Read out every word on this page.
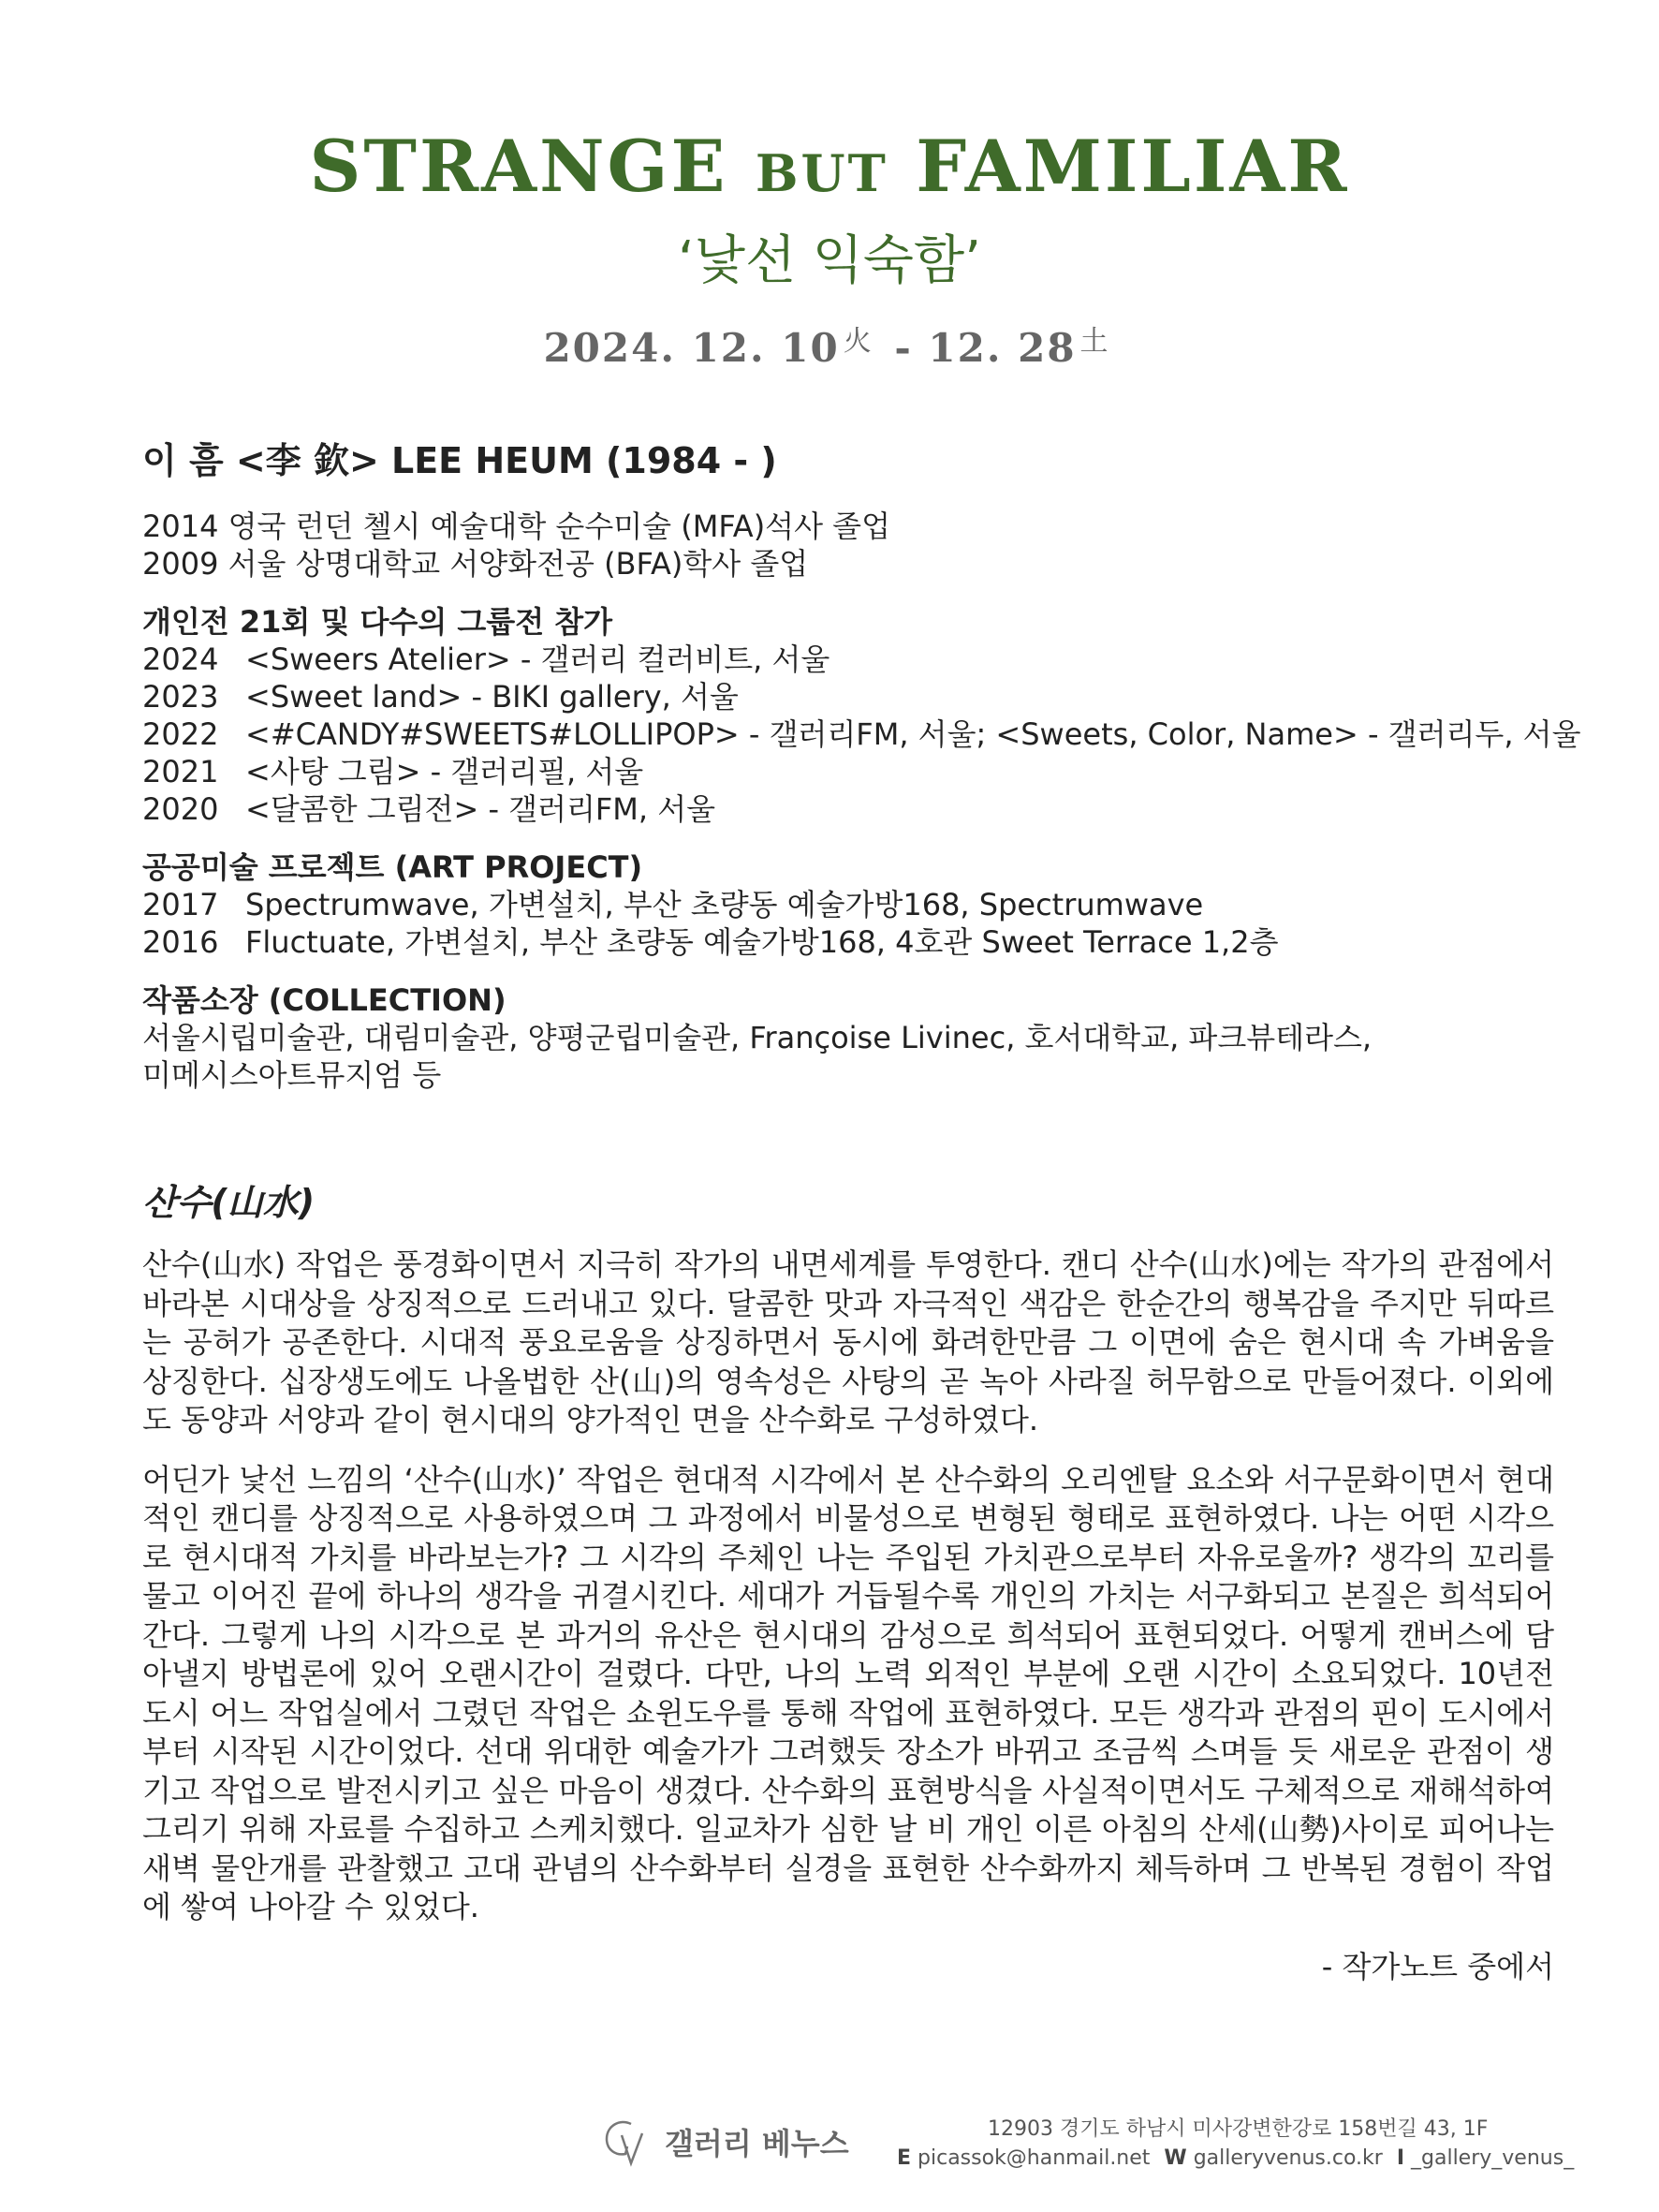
STRANGE BUT FAMILIAR
‘낯선 익숙함’
2024. 12. 10 $^火$ - 12. 28 $^土$
이 흠 <李 欽> LEE HEUM (1984 - )
2014 영국 런던 첼시 예술대학 순수미술 (MFA)석사 졸업
2009 서울 상명대학교 서양화전공 (BFA)학사 졸업
개인전 21회 및 다수의 그룹전 참가
2024 <Sweers Atelier> - 갤러리 컬러비트, 서울
2023 <Sweet land> - BIKI gallery, 서울
2022 <#CANDY#SWEETS#LOLLIPOP> - 갤러리FM, 서울; <Sweets, Color, Name> - 갤러리두, 서울
2021 <사탕 그림> - 갤러리필, 서울
2020 <달콤한 그림전> - 갤러리FM, 서울
공공미술 프로젝트 (ART PROJECT)
2017 Spectrumwave, 가변설치, 부산 초량동 예술가방168, Spectrumwave
2016 Fluctuate, 가변설치, 부산 초량동 예술가방168, 4호관 Sweet Terrace 1,2층
작품소장 (COLLECTION)
서울시립미술관, 대림미술관, 양평군립미술관, Françoise Livinec, 호서대학교, 파크뷰테라스,
미메시스아트뮤지엄 등
산수(山水)

산수(山水) 작업은 풍경화이면서 지극히 작가의 내면세계를 투영한다. 캔디 산수(山水)에는 작가의 관점에서 바라본 시대상을 상징적으로 드러내고 있다. 달콤한 맛과 자극적인 색감은 한순간의 행복감을 주지만 뒤따르는 공허가 공존한다. 시대적 풍요로움을 상징하면서 동시에 화려한만큼 그 이면에 숨은 현시대 속 가벼움을 상징한다. 십장생도에도 나올법한 산(山)의 영속성은 사탕의 곧 녹아 사라질 허무함으로 만들어졌다. 이외에도 동양과 서양과 같이 현시대의 양가적인 면을 산수화로 구성하였다.

어딘가 낯선 느낌의 ‘산수(山水)’ 작업은 현대적 시각에서 본 산수화의 오리엔탈 요소와 서구문화이면서 현대적인 캔디를 상징적으로 사용하였으며 그 과정에서 비물성으로 변형된 형태로 표현하였다. 나는 어떤 시각으로 현시대적 가치를 바라보는가? 그 시각의 주체인 나는 주입된 가치관으로부터 자유로울까? 생각의 꼬리를 물고 이어진 끝에 하나의 생각을 귀결시킨다. 세대가 거듭될수록 개인의 가치는 서구화되고 본질은 희석되어 간다. 그렇게 나의 시각으로 본 과거의 유산은 현시대의 감성으로 희석되어 표현되었다. 어떻게 캔버스에 담아낼지 방법론에 있어 오랜시간이 걸렸다. 다만, 나의 노력 외적인 부분에 오랜 시간이 소요되었다. 10년전 도시 어느 작업실에서 그렸던 작업은 쇼윈도우를 통해 작업에 표현하였다. 모든 생각과 관점의 핀이 도시에서부터 시작된 시간이었다. 선대 위대한 예술가가 그려했듯 장소가 바뀌고 조금씩 스며들 듯 새로운 관점이 생기고 작업으로 발전시키고 싶은 마음이 생겼다. 산수화의 표현방식을 사실적이면서도 구체적으로 재해석하여 그리기 위해 자료를 수집하고 스케치했다. 일교차가 심한 날 비 개인 이른 아침의 산세(山勢)사이로 피어나는 새벽 물안개를 관찰했고 고대 관념의 산수화부터 실경을 표현한 산수화까지 체득하며 그 반복된 경험이 작업에 쌓여 나아갈 수 있었다.

- 작가노트 중에서
갤러리 베누스	12903 경기도 하남시 미사강변한강로 158번길 43, 1F
E picassok@hanmail.net W galleryvenus.co.kr I _gallery_venus_
